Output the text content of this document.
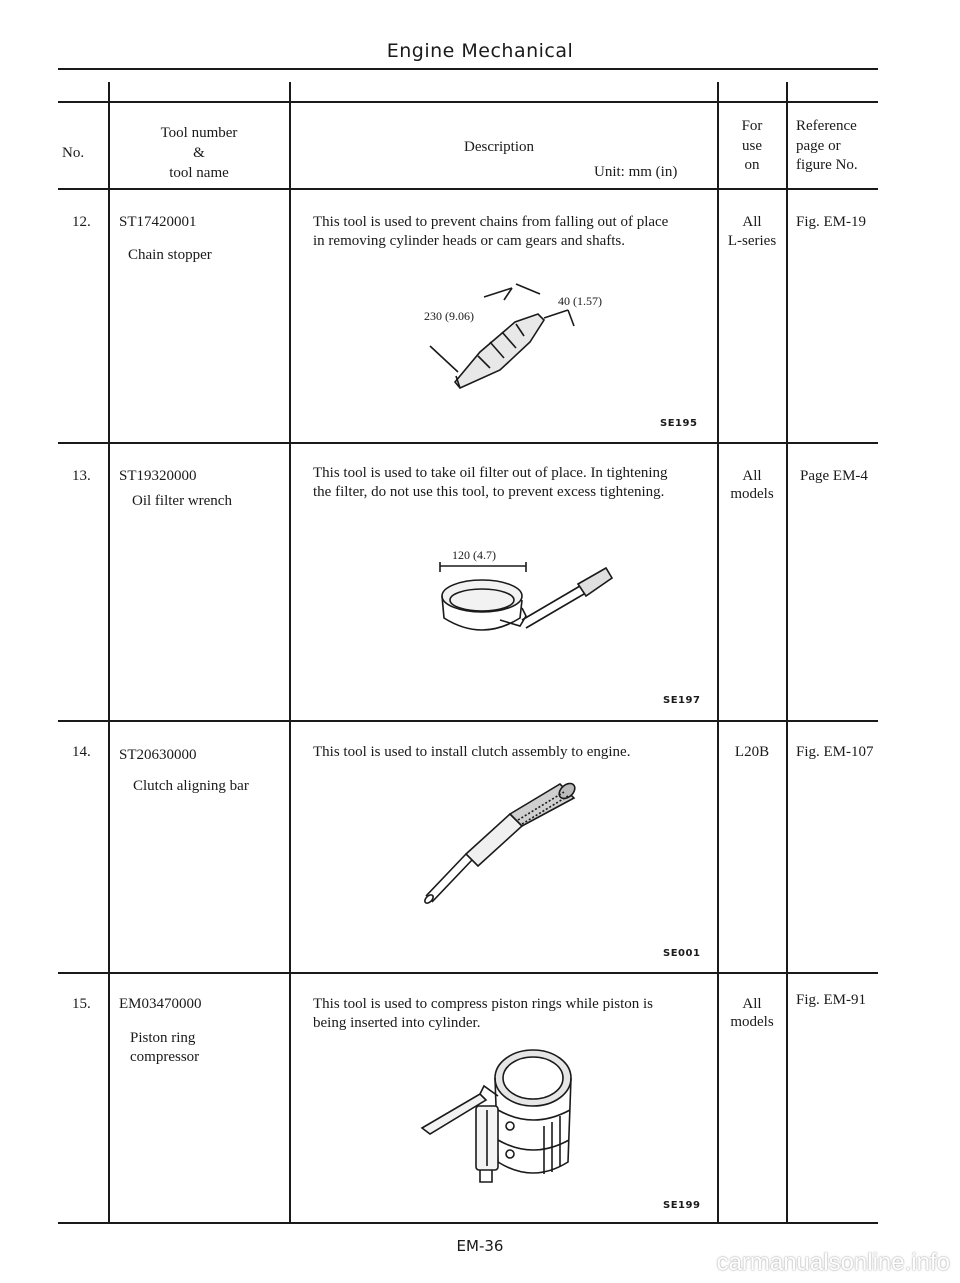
Engine Mechanical
No.
Tool number
&
tool name
Description
Unit: mm (in)
For
use
on
Reference
page or
figure No.
12. ST17420001
Chain stopper
This tool is used to prevent chains from falling out of place
in removing cylinder heads or cam gears and shafts.
All
L-series
Fig. EM-19
230 (9.06)
40 (1.57)
SE195
13. ST19320000
Oil filter wrench
This tool is used to take oil filter out of place. In tightening
the filter, do not use this tool, to prevent excess tightening.
All
models
Page EM-4
120 (4.7)
SE197
14. ST20630000
Clutch aligning bar
This tool is used to install clutch assembly to engine.	L20B	Fig. EM-107
SE001
15. EM03470000
Piston ring
compressor
This tool is used to compress piston rings while piston is
being inserted into cylinder.
All
models
Fig. EM-91
SE199
EM-36
carmanualsonline.info
